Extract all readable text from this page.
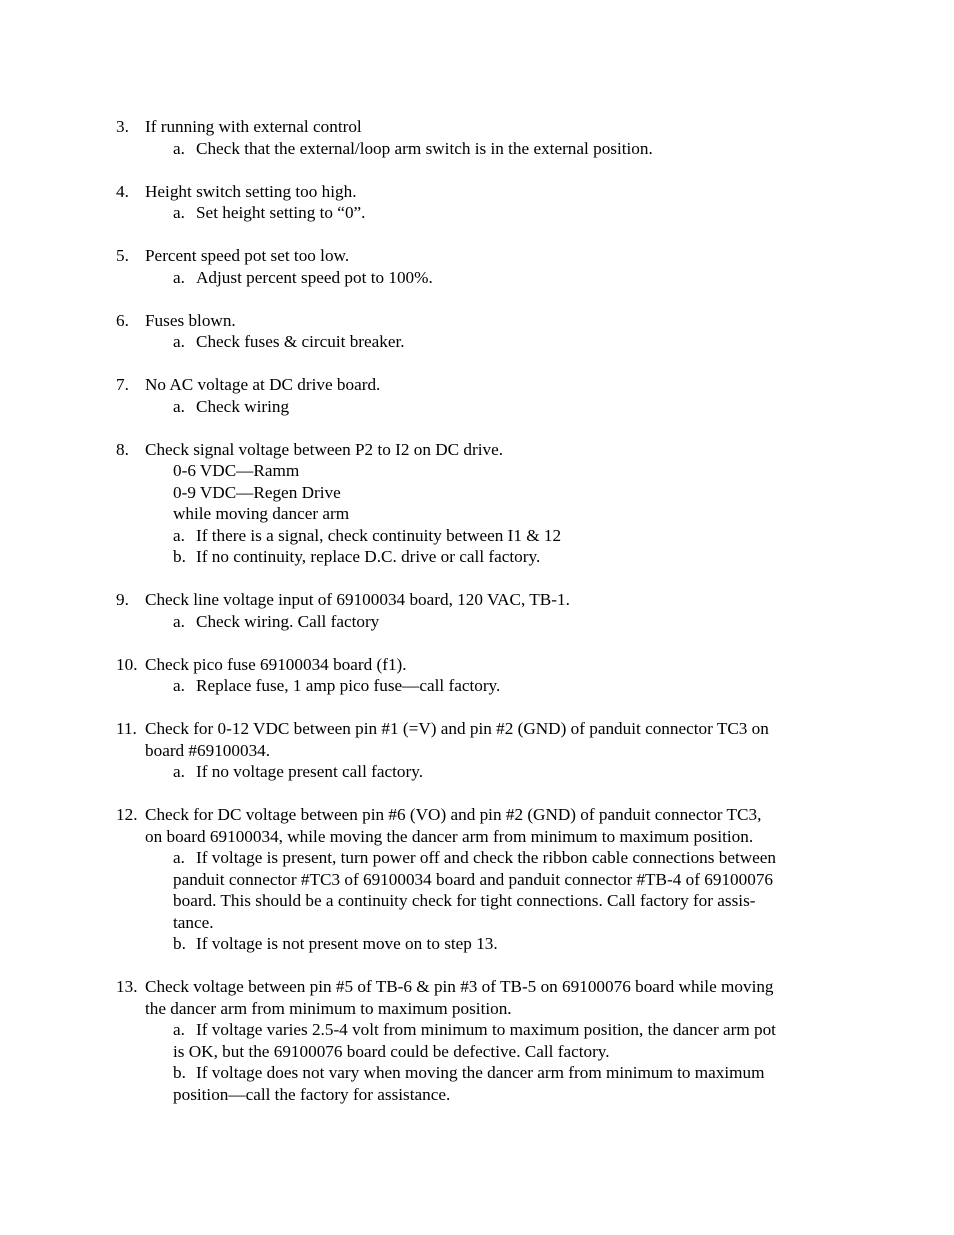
3. If running with external control
a. Check that the external/loop arm switch is in the external position.
4. Height switch setting too high.
a. Set height setting to “0”.
5. Percent speed pot set too low.
a. Adjust percent speed pot to 100%.
6. Fuses blown.
a. Check fuses & circuit breaker.
7. No AC voltage at DC drive board.
a. Check wiring
8. Check signal voltage between P2 to I2 on DC drive.
0-6 VDC—Ramm
0-9 VDC—Regen Drive
while moving dancer arm
a. If there is a signal, check continuity between I1 & 12
b. If no continuity, replace D.C. drive or call factory.
9. Check line voltage input of 69100034 board, 120 VAC, TB-1.
a. Check wiring. Call factory
10. Check pico fuse 69100034 board (f1).
a. Replace fuse, 1 amp pico fuse—call factory.
11. Check for 0-12 VDC between pin #1 (=V) and pin #2 (GND) of panduit connector TC3 on
board #69100034.
a. If no voltage present call factory.
12. Check for DC voltage between pin #6 (VO) and pin #2 (GND) of panduit connector TC3,
on board 69100034, while moving the dancer arm from minimum to maximum position.
a. If voltage is present, turn power off and check the ribbon cable connections between
panduit connector #TC3 of 69100034 board and panduit connector #TB-4 of 69100076
board. This should be a continuity check for tight connections. Call factory for assis-
tance.
b. If voltage is not present move on to step 13.
13. Check voltage between pin #5 of TB-6 & pin #3 of TB-5 on 69100076 board while moving
the dancer arm from minimum to maximum position.
a. If voltage varies 2.5-4 volt from minimum to maximum position, the dancer arm pot
is OK, but the 69100076 board could be defective. Call factory.
b. If voltage does not vary when moving the dancer arm from minimum to maximum
position—call the factory for assistance.
